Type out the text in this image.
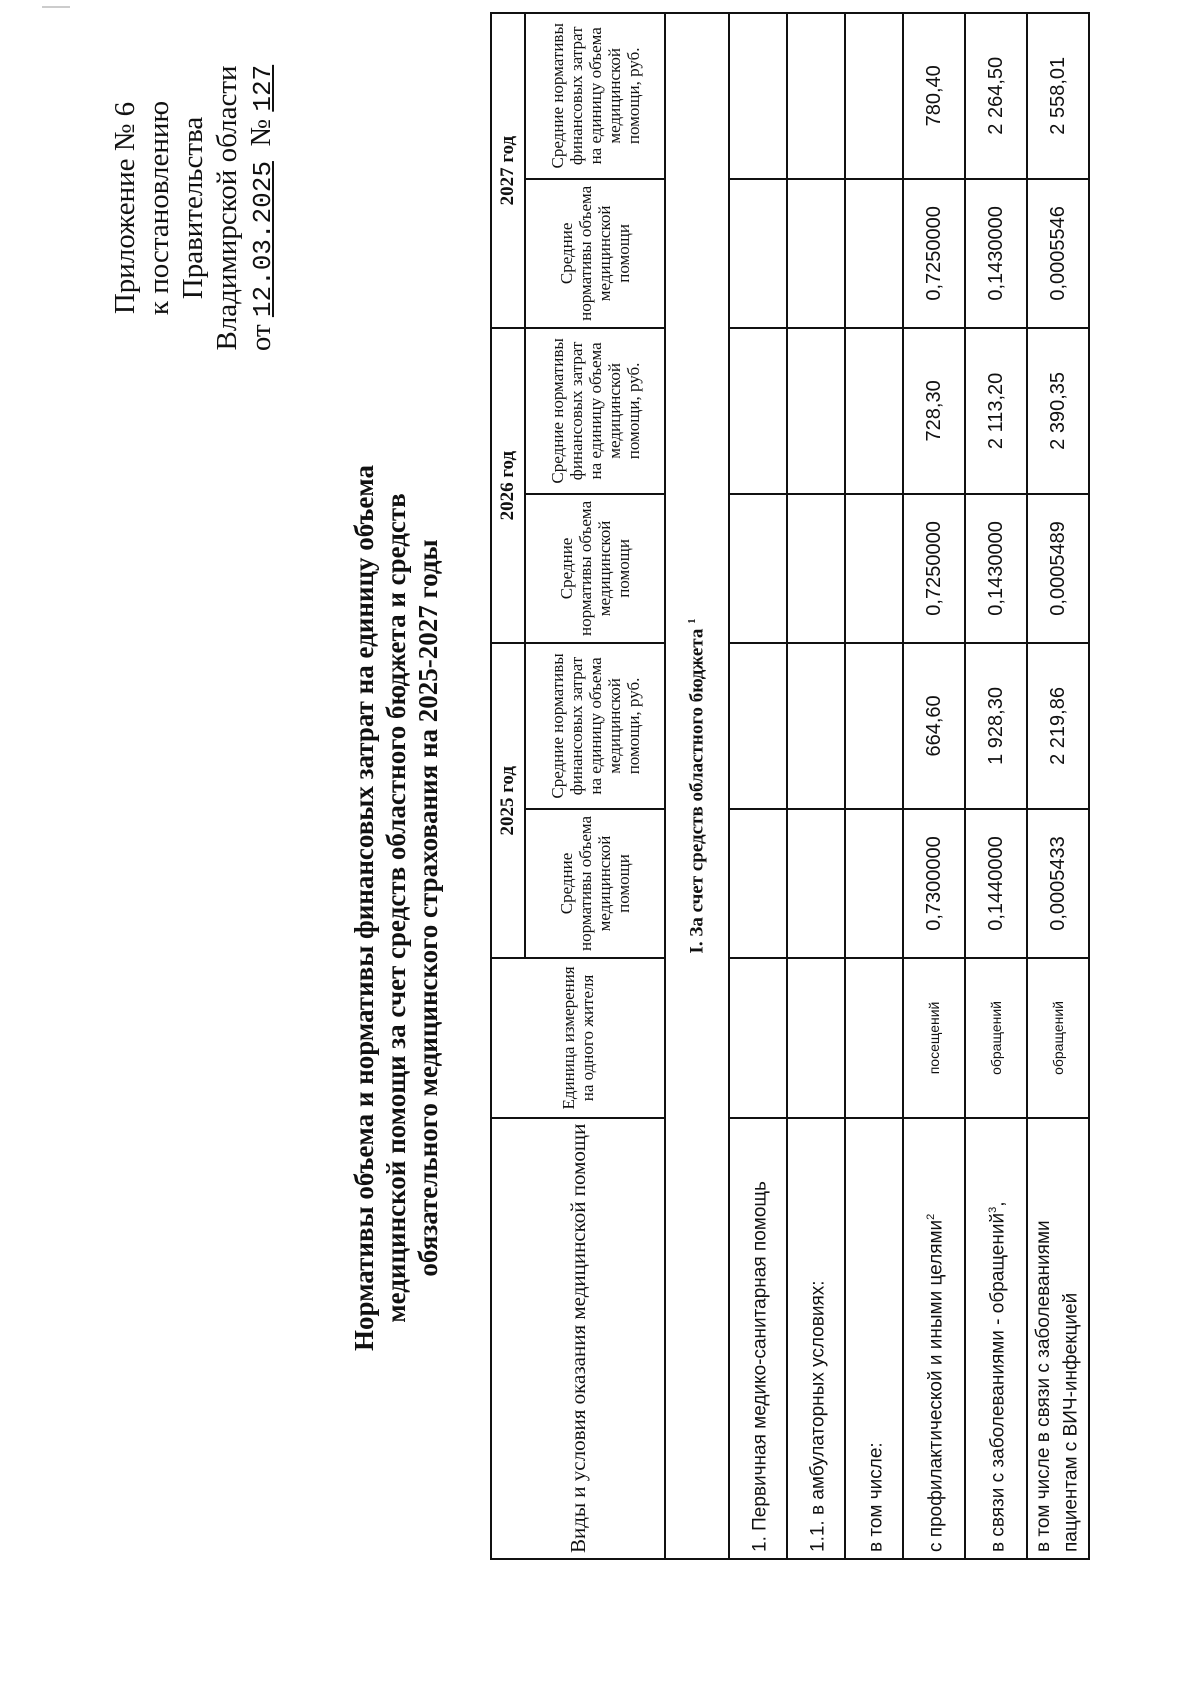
Приложение № 6 к постановлению Правительства Владимирской области от 12.03.2025  № 127
Нормативы объема и нормативы финансовых затрат на единицу объема медицинской помощи за счет средств областного бюджета и средств обязательного медицинского страхования на 2025-2027 годы
Виды и условия оказания медицинской помощи	Единица измерения на одного жителя	2025 год		2026 год		2027 год	
		Средние нормативы объема медицинской помощи	Средние нормативы финансовых затрат на единицу объема медицинской помощи, руб.	Средние нормативы объема медицинской помощи	Средние нормативы финансовых затрат на единицу объема медицинской помощи, руб.	Средние нормативы объема медицинской помощи	Средние нормативы финансовых затрат на единицу объема медицинской помощи, руб.
I. За счет средств областного бюджета $^1$
1. Первичная медико-санитарная помощь							
1.1. в амбулаторных условиях:							
в том числе:							
с профилактической и иными целями$^2$	посещений	0,7300000	664,60	0,7250000	728,30	0,7250000	780,40
в связи с заболеваниями - обращений$^3$,	обращений	0,1440000	1 928,30	0,1430000	2 113,20	0,1430000	2 264,50
в том числе в связи с заболеваниями пациентам с ВИЧ-инфекцией	обращений	0,0005433	2 219,86	0,0005489	2 390,35	0,0005546	2 558,01
